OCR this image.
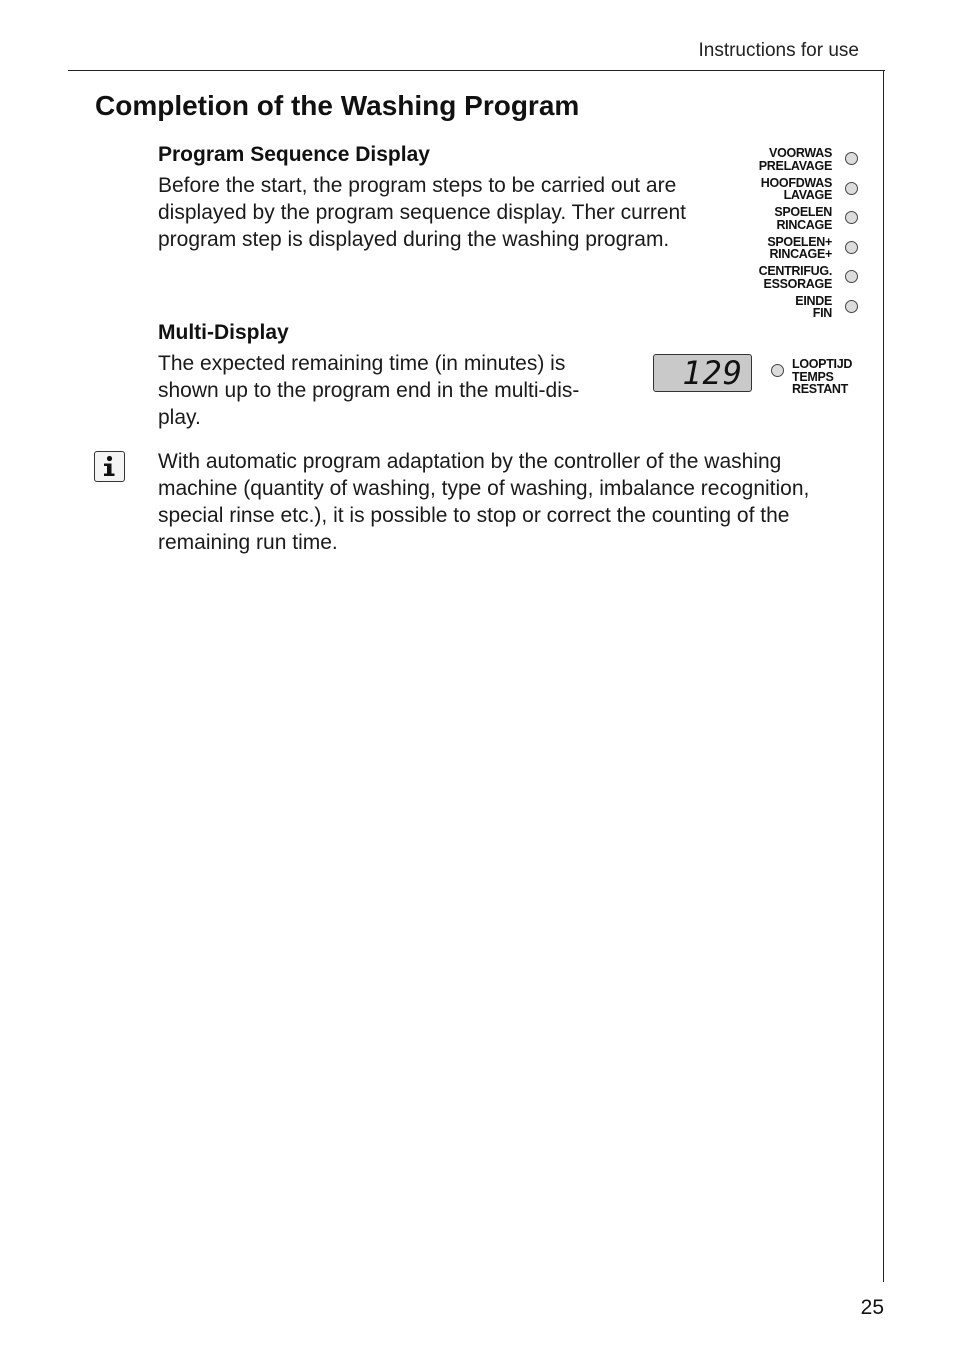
Instructions for use
Completion of the Washing Program
Program Sequence Display

Before the start, the program steps to be carried out are
displayed by the program sequence display. Ther current
program step is displayed during the washing program.

VOORWAS
PRELAVAGE
HOOFDWAS
LAVAGE
SPOELEN
RINCAGE
SPOELEN+
RINCAGE+
CENTRIFUG.
ESSORAGE
EINDE
FIN
Multi-Display

The expected remaining time (in minutes) is
shown up to the program end in the multi-dis-
play.

129	LOOPTIJD
TEMPS
RESTANT

With automatic program adaptation by the controller of the washing
machine (quantity of washing, type of washing, imbalance recognition,
special rinse etc.), it is possible to stop or correct the counting of the
remaining run time.

25
